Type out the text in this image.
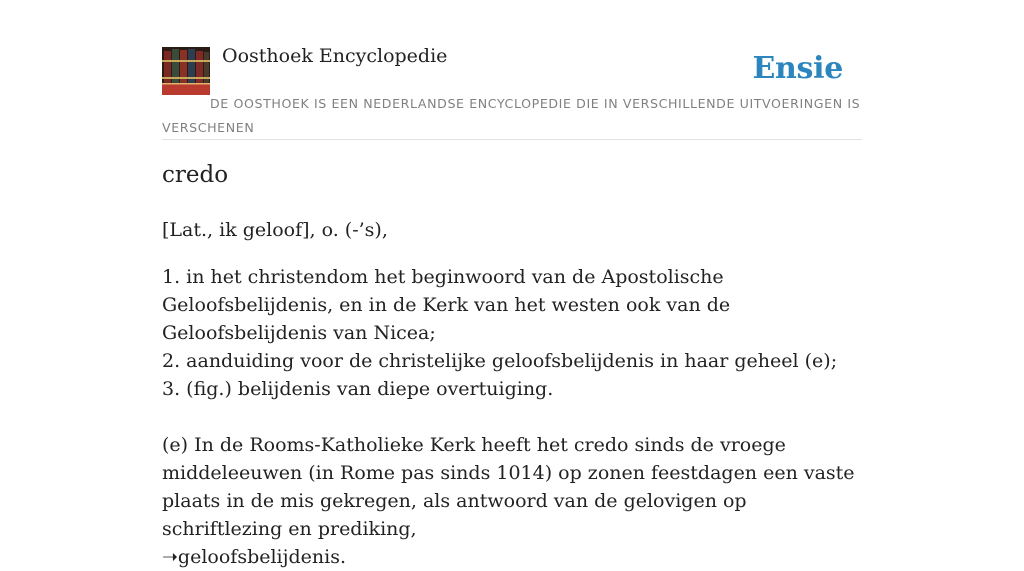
Oosthoek Encyclopedie	Ensie
DE OOSTHOEK IS EEN NEDERLANDSE ENCYCLOPEDIE DIE IN VERSCHILLENDE UITVOERINGEN IS VERSCHENEN
credo

[Lat., ik geloof], o. (-’s),

1. in het christendom het beginwoord van de Apostolische Geloofsbelijdenis, en in de Kerk van het westen ook van de Geloofsbelijdenis van Nicea;

2. aanduiding voor de christelijke geloofsbelijdenis in haar geheel (e);

3. (fig.) belijdenis van diepe overtuiging.

(e) In de Rooms-Katholieke Kerk heeft het credo sinds de vroege middeleeuwen (in Rome pas sinds 1014) op zonen feestdagen een vaste plaats in de mis gekregen, als antwoord van de gelovigen op schriftlezing en prediking,
➝geloofsbelijdenis.
